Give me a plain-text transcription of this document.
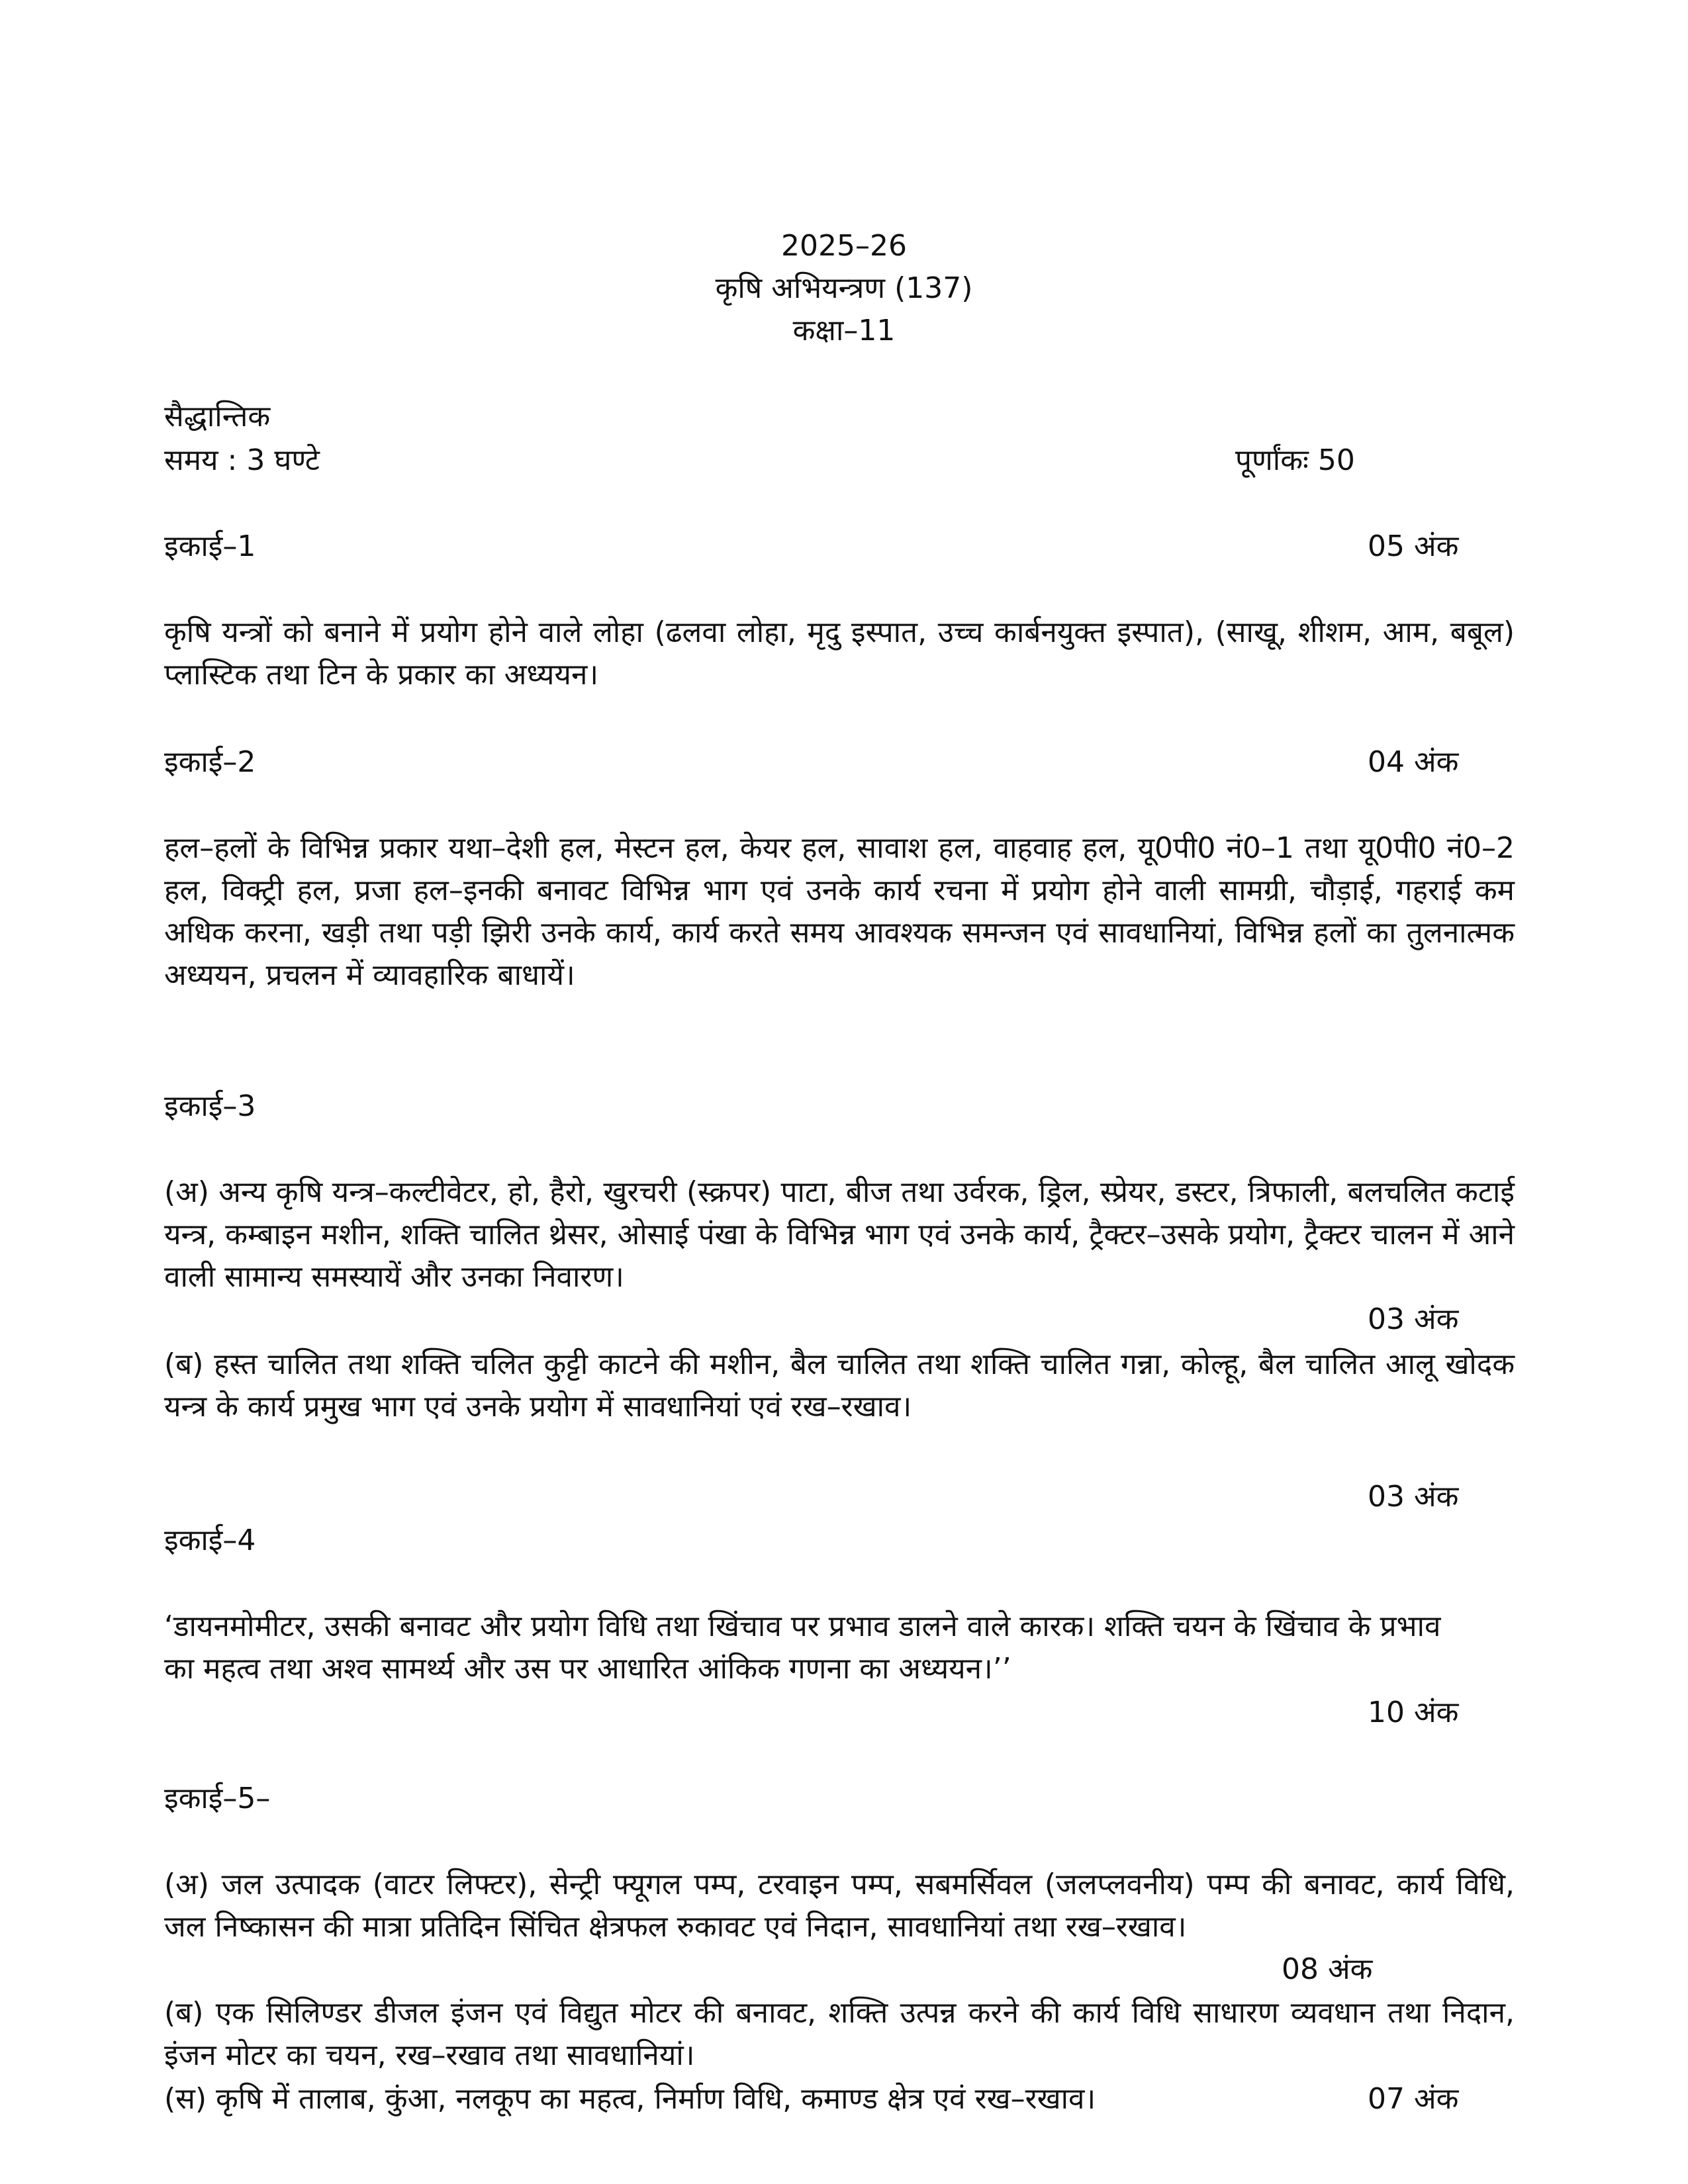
2025–26
कृषि अभियन्त्रण (137)
कक्षा–11
सैद्धान्तिक
समय : 3 घण्टे	पूर्णांकः 50
इकाई–1	05 अंक
कृषि यन्त्रों को बनाने में प्रयोग होने वाले लोहा (ढलवा लोहा, मृदु इस्पात, उच्च कार्बनयुक्त इस्पात), (साखू, शीशम, आम, बबूल) प्लास्टिक तथा टिन के प्रकार का अध्ययन।
इकाई–2	04 अंक
हल–हलों के विभिन्न प्रकार यथा–देशी हल, मेस्टन हल, केयर हल, सावाश हल, वाहवाह हल, यू0पी0 नं0–1 तथा यू0पी0 नं0–2 हल, विक्ट्री हल, प्रजा हल–इनकी बनावट विभिन्न भाग एवं उनके कार्य रचना में प्रयोग होने वाली सामग्री, चौड़ाई, गहराई कम अधिक करना, खड़ी तथा पड़ी झिरी उनके कार्य, कार्य करते समय आवश्यक समन्जन एवं सावधानियां, विभिन्न हलों का तुलनात्मक अध्ययन, प्रचलन में व्यावहारिक बाधायें।
इकाई–3
(अ) अन्य कृषि यन्त्र–कल्टीवेटर, हो, हैरो, खुरचरी (स्क्रपर) पाटा, बीज तथा उर्वरक, ड्रिल, स्प्रेयर, डस्टर, त्रिफाली, बलचलित कटाई यन्त्र, कम्बाइन मशीन, शक्ति चालित थ्रेसर, ओसाई पंखा के विभिन्न भाग एवं उनके कार्य, ट्रैक्टर–उसके प्रयोग, ट्रैक्टर चालन में आने वाली सामान्य समस्यायें और उनका निवारण।
03 अंक
(ब) हस्त चालित तथा शक्ति चलित कुट्टी काटने की मशीन, बैल चालित तथा शक्ति चालित गन्ना, कोल्हू, बैल चालित आलू खोदक यन्त्र के कार्य प्रमुख भाग एवं उनके प्रयोग में सावधानियां एवं रख–रखाव।
03 अंक
इकाई–4
‘डायनमोमीटर, उसकी बनावट और प्रयोग विधि तथा खिंचाव पर प्रभाव डालने वाले कारक। शक्ति चयन के खिंचाव के प्रभाव का महत्व तथा अश्व सामर्थ्य और उस पर आधारित आंकिक गणना का अध्ययन।’’
10 अंक
इकाई–5–
(अ) जल उत्पादक (वाटर लिफ्टर), सेन्ट्री फ्यूगल पम्प, टरवाइन पम्प, सबमर्सिवल (जलप्लवनीय) पम्प की बनावट, कार्य विधि, जल निष्कासन की मात्रा प्रतिदिन सिंचित क्षेत्रफल रुकावट एवं निदान, सावधानियां तथा रख–रखाव।
08 अंक
(ब) एक सिलिण्डर डीजल इंजन एवं विद्युत मोटर की बनावट, शक्ति उत्पन्न करने की कार्य विधि साधारण व्यवधान तथा निदान, इंजन मोटर का चयन, रख–रखाव तथा सावधानियां।
(स) कृषि में तालाब, कुंआ, नलकूप का महत्व, निर्माण विधि, कमाण्ड क्षेत्र एवं रख–रखाव।	07 अंक
